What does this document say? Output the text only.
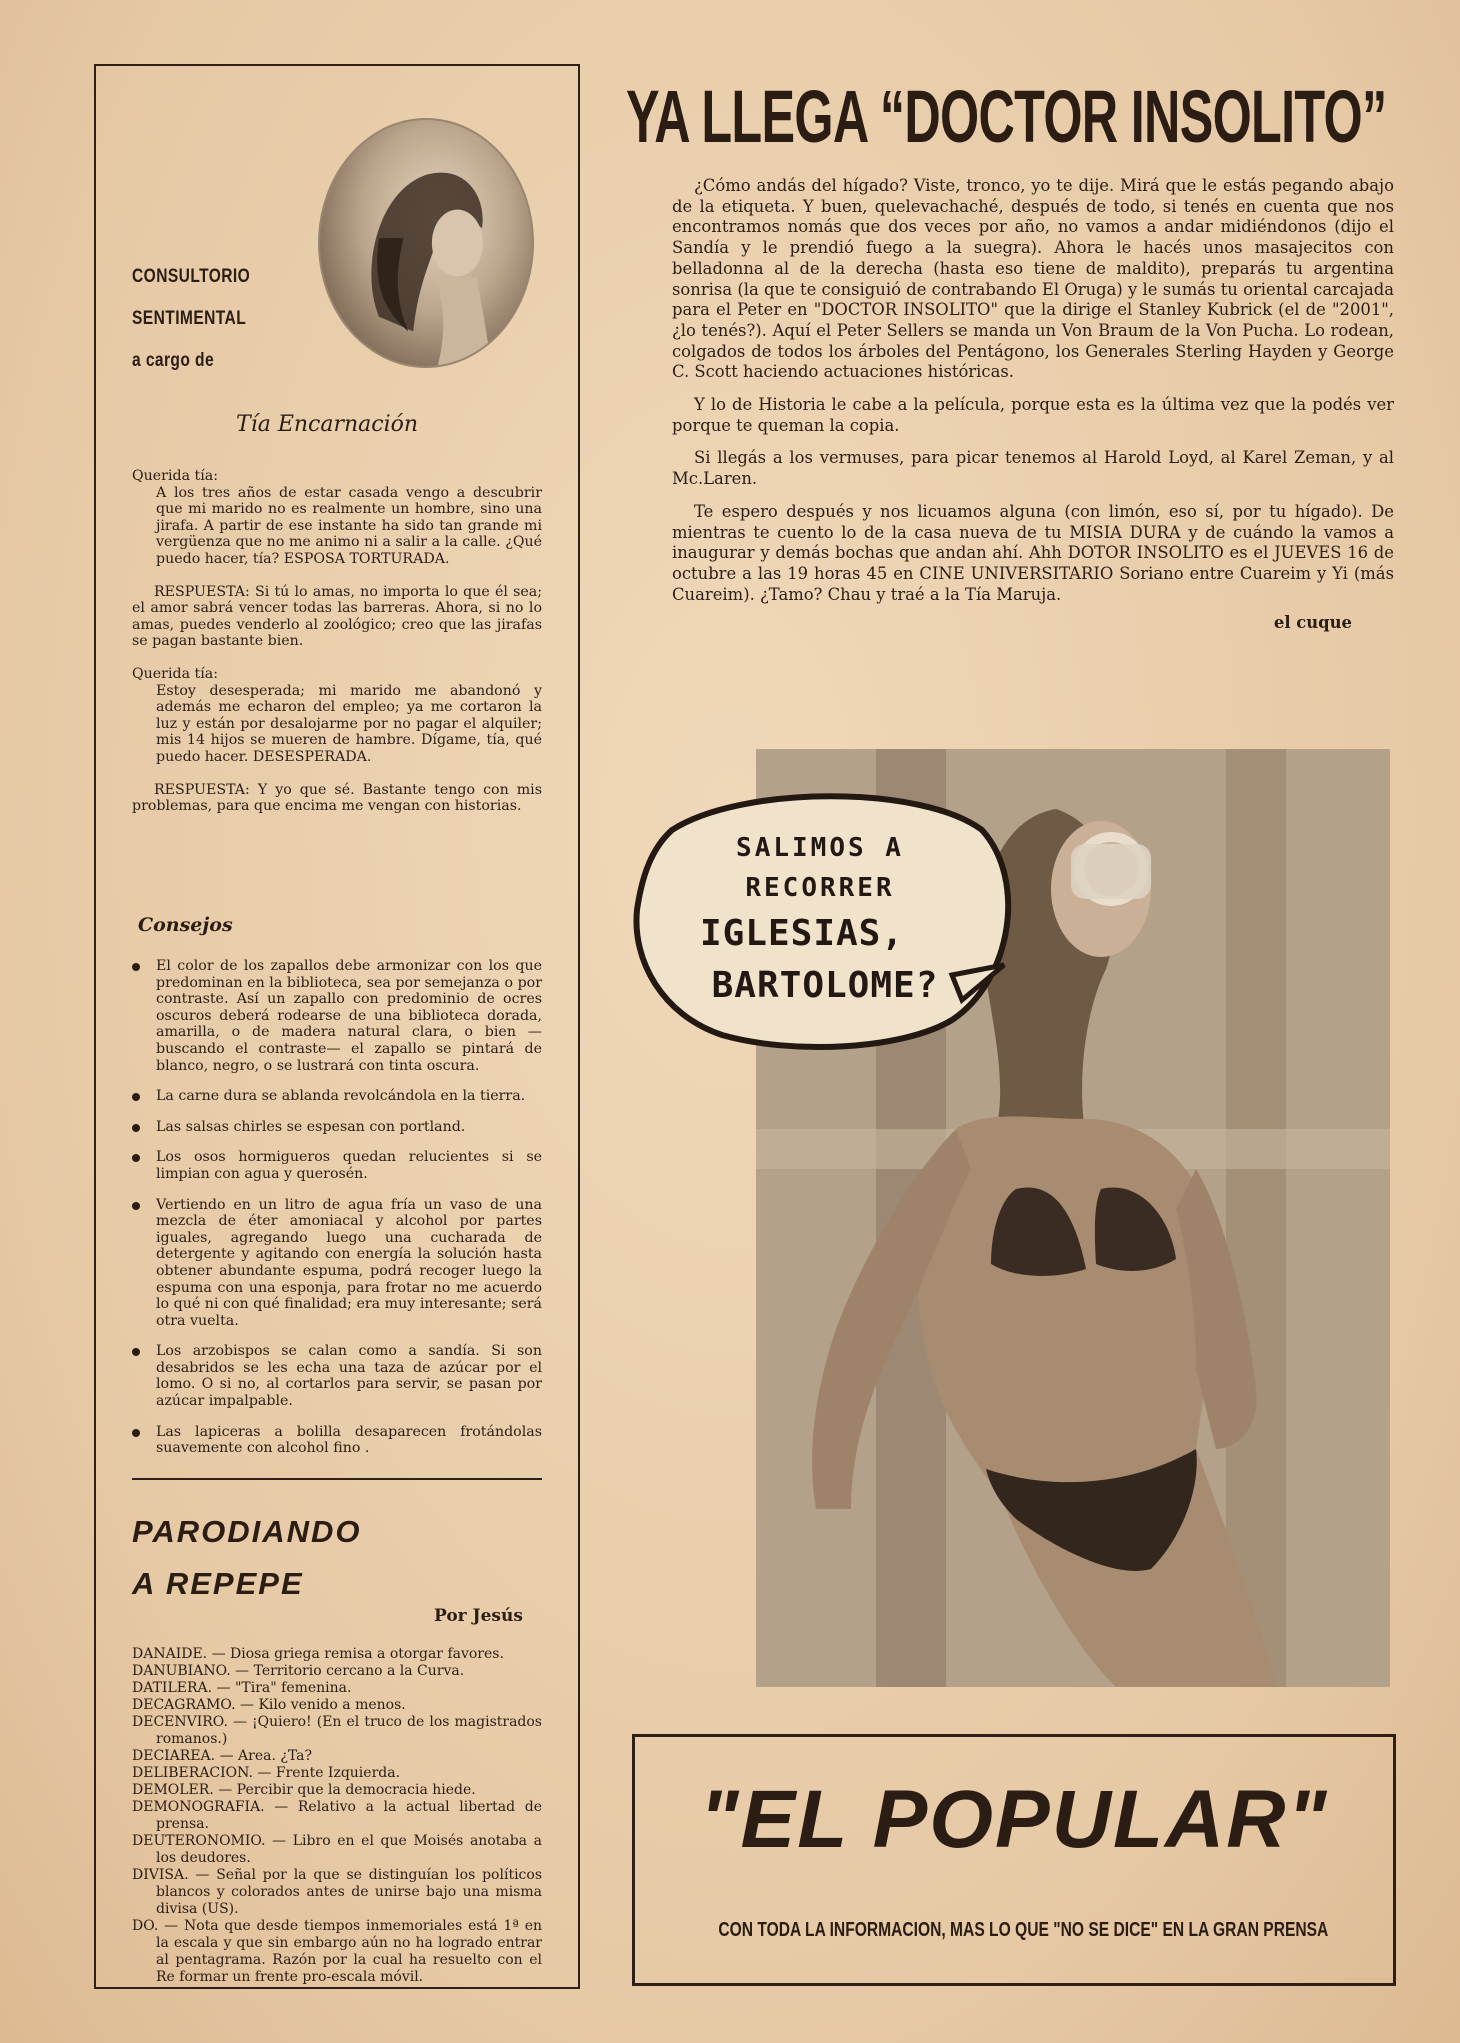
CONSULTORIO
SENTIMENTAL
a cargo de
Tía Encarnación
Querida tía:

A los tres años de estar casada vengo a descubrir que mi marido no es realmente un hombre, sino una jirafa. A partir de ese instante ha sido tan grande mi vergüenza que no me animo ni a salir a la calle. ¿Qué puedo hacer, tía? ESPOSA TORTURADA.

RESPUESTA: Si tú lo amas, no importa lo que él sea; el amor sabrá vencer todas las barreras. Ahora, si no lo amas, puedes venderlo al zoológico; creo que las jirafas se pagan bastante bien.

Querida tía:

Estoy desesperada; mi marido me abandonó y además me echaron del empleo; ya me cortaron la luz y están por desalojarme por no pagar el alquiler; mis 14 hijos se mueren de hambre. Dígame, tía, qué puedo hacer. DESESPERADA.

RESPUESTA: Y yo que sé. Bastante tengo con mis problemas, para que encima me vengan con historias.

Consejos
El color de los zapallos debe armonizar con los que predominan en la biblioteca, sea por semejanza o por contraste. Así un zapallo con predominio de ocres oscuros deberá rodearse de una biblioteca dorada, amarilla, o de madera natural clara, o bien —buscando el contraste— el zapallo se pintará de blanco, negro, o se lustrará con tinta oscura.
La carne dura se ablanda revolcándola en la tierra.
Las salsas chirles se espesan con portland.
Los osos hormigueros quedan relucientes si se limpian con agua y querosén.
Vertiendo en un litro de agua fría un vaso de una mezcla de éter amoniacal y alcohol por partes iguales, agregando luego una cucharada de detergente y agitando con energía la solución hasta obtener abundante espuma, podrá recoger luego la espuma con una esponja, para frotar no me acuerdo lo qué ni con qué finalidad; era muy interesante; será otra vuelta.
Los arzobispos se calan como a sandía. Si son desabridos se les echa una taza de azúcar por el lomo. O si no, al cortarlos para servir, se pasan por azúcar impalpable.
Las lapiceras a bolilla desaparecen frotándolas suavemente con alcohol fino .
PARODIANDO
A REPEPE
Por Jesús
DANAIDE. — Diosa griega remisa a otorgar favores.
DANUBIANO. — Territorio cercano a la Curva.
DATILERA. — "Tira" femenina.
DECAGRAMO. — Kilo venido a menos.
DECENVIRO. — ¡Quiero! (En el truco de los magistrados romanos.)
DECIAREA. — Area. ¿Ta?
DELIBERACION. — Frente Izquierda.
DEMOLER. — Percibir que la democracia hiede.
DEMONOGRAFIA. — Relativo a la actual libertad de prensa.
DEUTERONOMIO. — Libro en el que Moisés anotaba a los deudores.
DIVISA. — Señal por la que se distinguían los políticos blancos y colorados antes de unirse bajo una misma divisa (US).
DO. — Nota que desde tiempos inmemoriales está 1ª en la escala y que sin embargo aún no ha logrado entrar al pentagrama. Razón por la cual ha resuelto con el Re formar un frente pro-escala móvil.
YA LLEGA “DOCTOR INSOLITO”

¿Cómo andás del hígado? Viste, tronco, yo te dije. Mirá que le estás pegando abajo de la etiqueta. Y buen, quelevachaché, después de todo, si tenés en cuenta que nos encontramos nomás que dos veces por año, no vamos a andar midiéndonos (dijo el Sandía y le prendió fuego a la suegra). Ahora le hacés unos masajecitos con belladonna al de la derecha (hasta eso tiene de maldito), preparás tu argentina sonrisa (la que te consiguió de contrabando El Oruga) y le sumás tu oriental carcajada para el Peter en "DOCTOR INSOLITO" que la dirige el Stanley Kubrick (el de "2001", ¿lo tenés?). Aquí el Peter Sellers se manda un Von Braum de la Von Pucha. Lo rodean, colgados de todos los árboles del Pentágono, los Generales Sterling Hayden y George C. Scott haciendo actuaciones históricas.

Y lo de Historia le cabe a la película, porque esta es la última vez que la podés ver porque te queman la copia.

Si llegás a los vermuses, para picar tenemos al Harold Loyd, al Karel Zeman, y al Mc.Laren.

Te espero después y nos licuamos alguna (con limón, eso sí, por tu hígado). De mientras te cuento lo de la casa nueva de tu MISIA DURA y de cuándo la vamos a inaugurar y demás bochas que andan ahí. Ahh DOTOR INSOLITO es el JUEVES 16 de octubre a las 19 horas 45 en CINE UNIVERSITARIO Soriano entre Cuareim y Yi (más Cuareim). ¿Tamo? Chau y traé a la Tía Maruja.

el cuque

SALIMOS A
RECORRER
IGLESIAS,
BARTOLOME?
"EL POPULAR"
CON TODA LA INFORMACION, MAS LO QUE "NO SE DICE" EN LA GRAN PRENSA
